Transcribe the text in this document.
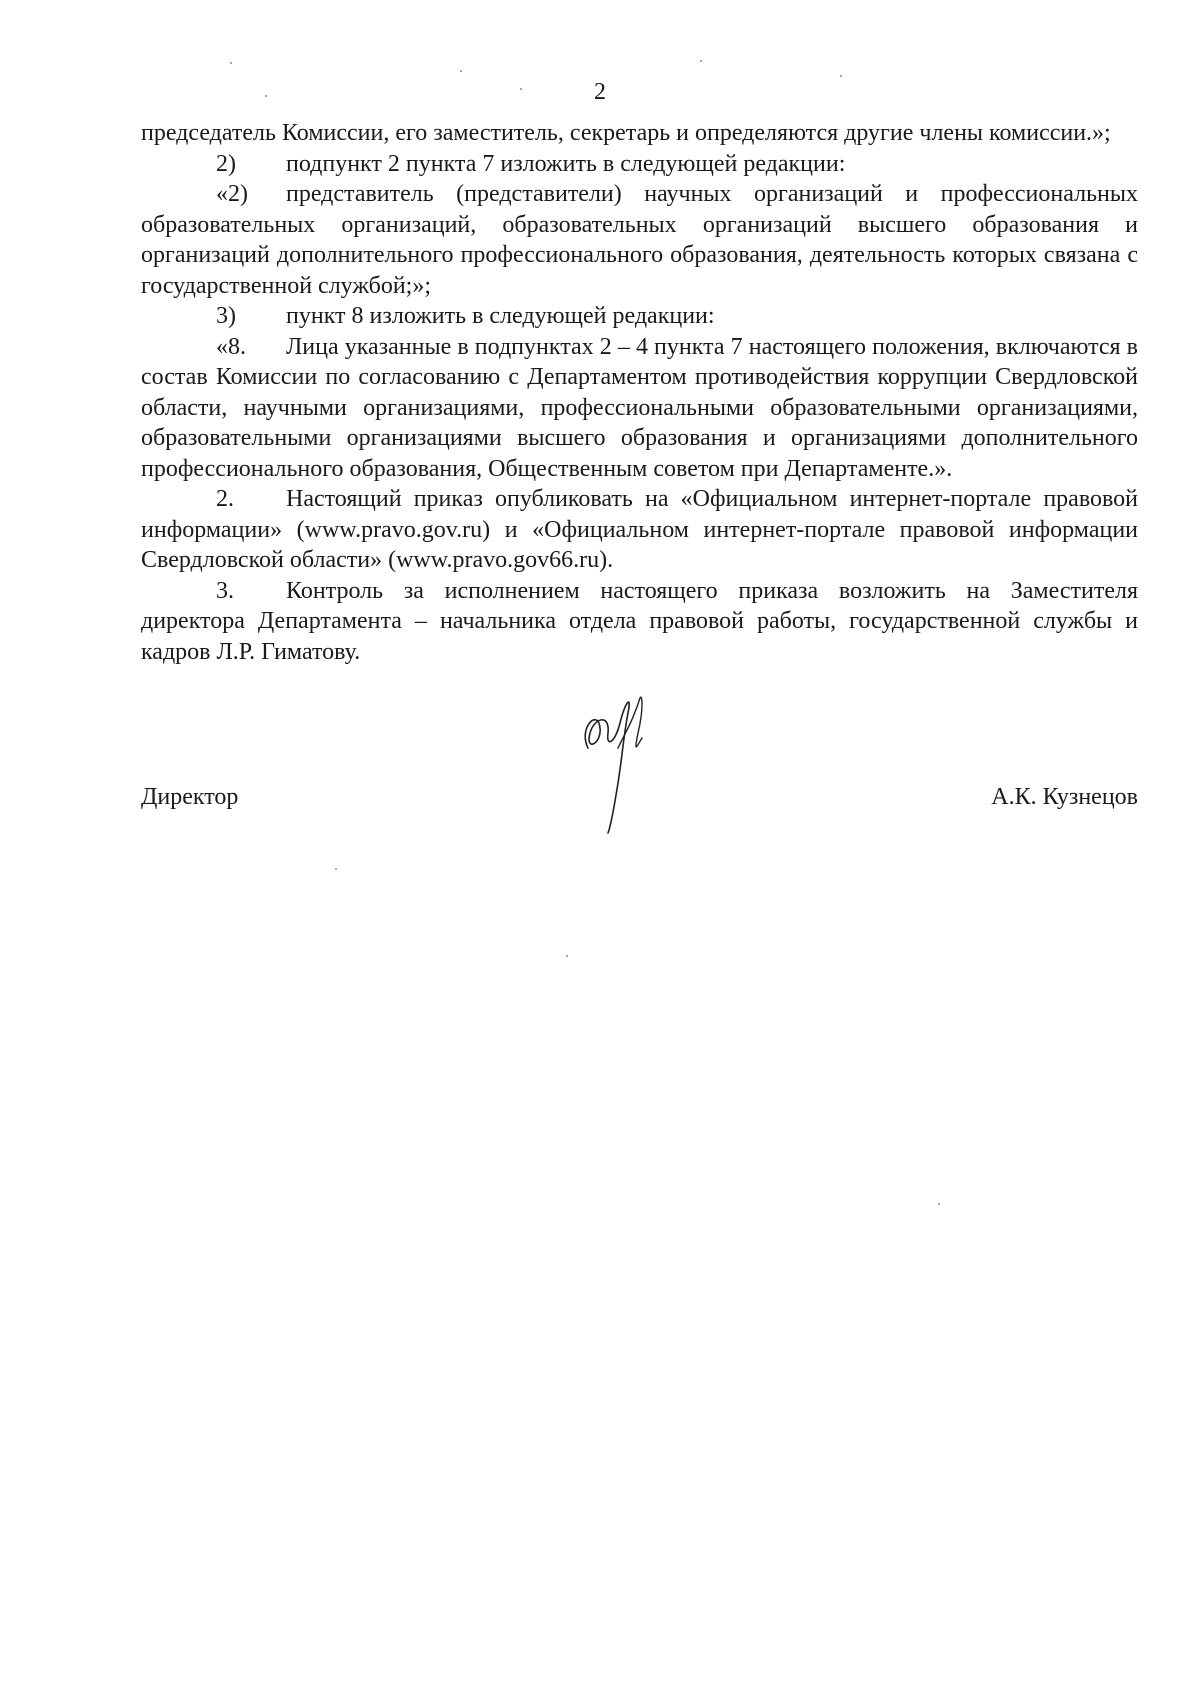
2

председатель Комиссии, его заместитель, секретарь и определяются другие члены комиссии.»;

2) подпункт 2 пункта 7 изложить в следующей редакции:

«2) представитель (представители) научных организаций и профессиональных образовательных организаций, образовательных организаций высшего образования и организаций дополнительного профессионального образования, деятельность которых связана с государственной службой;»;

3) пункт 8 изложить в следующей редакции:

«8. Лица указанные в подпунктах 2 – 4 пункта 7 настоящего положения, включаются в состав Комиссии по согласованию с Департаментом противодействия коррупции Свердловской области, научными организациями, профессиональными образовательными организациями, образовательными организациями высшего образования и организациями дополнительного профессионального образования, Общественным советом при Департаменте.».

2. Настоящий приказ опубликовать на «Официальном интернет-портале правовой информации» (www.pravo.gov.ru) и «Официальном интернет-портале правовой информации Свердловской области» (www.pravo.gov66.ru).

3. Контроль за исполнением настоящего приказа возложить на Заместителя директора Департамента – начальника отдела правовой работы, государственной службы и кадров Л.Р. Гиматову.

Директор	А.К. Кузнецов
